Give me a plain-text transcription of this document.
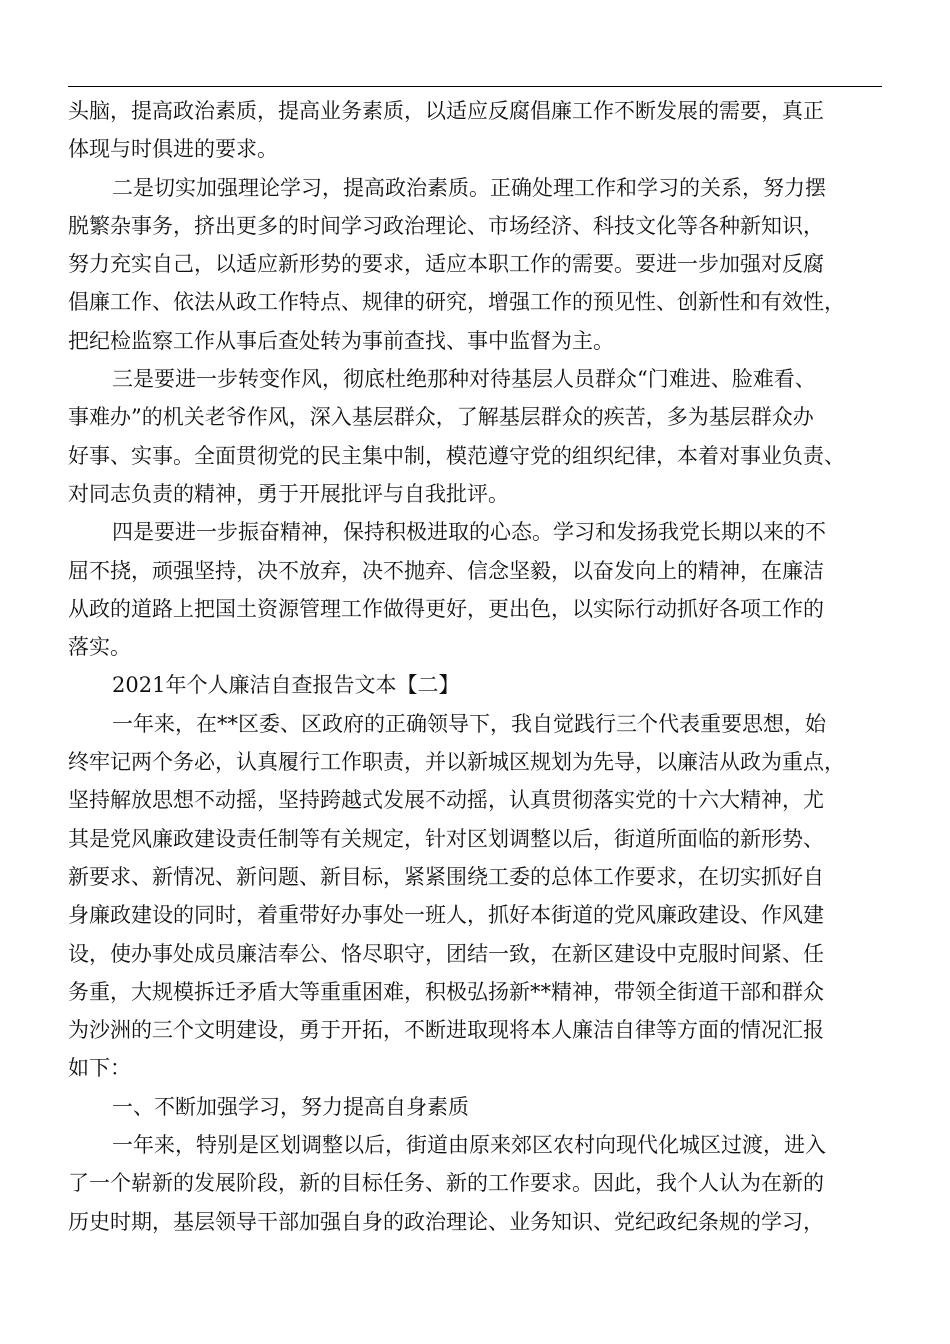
头脑，提高政治素质，提高业务素质，以适应反腐倡廉工作不断发展的需要，真正
体现与时俱进的要求。
二是切实加强理论学习，提高政治素质。正确处理工作和学习的关系，努力摆
脱繁杂事务，挤出更多的时间学习政治理论、市场经济、科技文化等各种新知识，
努力充实自己，以适应新形势的要求，适应本职工作的需要。要进一步加强对反腐
倡廉工作、依法从政工作特点、规律的研究，增强工作的预见性、创新性和有效性，
把纪检监察工作从事后查处转为事前查找、事中监督为主。
三是要进一步转变作风，彻底杜绝那种对待基层人员群众“门难进、脸难看、
事难办”的机关老爷作风，深入基层群众，了解基层群众的疾苦，多为基层群众办
好事、实事。全面贯彻党的民主集中制，模范遵守党的组织纪律，本着对事业负责、
对同志负责的精神，勇于开展批评与自我批评。
四是要进一步振奋精神，保持积极进取的心态。学习和发扬我党长期以来的不
屈不挠，顽强坚持，决不放弃，决不抛弃、信念坚毅，以奋发向上的精神，在廉洁
从政的道路上把国土资源管理工作做得更好，更出色，以实际行动抓好各项工作的
落实。
2021年个人廉洁自查报告文本【二】
一年来，在**区委、区政府的正确领导下，我自觉践行三个代表重要思想，始
终牢记两个务必，认真履行工作职责，并以新城区规划为先导，以廉洁从政为重点，
坚持解放思想不动摇，坚持跨越式发展不动摇，认真贯彻落实党的十六大精神，尤
其是党风廉政建设责任制等有关规定，针对区划调整以后，街道所面临的新形势、
新要求、新情况、新问题、新目标，紧紧围绕工委的总体工作要求，在切实抓好自
身廉政建设的同时，着重带好办事处一班人，抓好本街道的党风廉政建设、作风建
设，使办事处成员廉洁奉公、恪尽职守，团结一致，在新区建设中克服时间紧、任
务重，大规模拆迁矛盾大等重重困难，积极弘扬新**精神，带领全街道干部和群众
为沙洲的三个文明建设，勇于开拓，不断进取现将本人廉洁自律等方面的情况汇报
如下：
一、不断加强学习，努力提高自身素质
一年来，特别是区划调整以后，街道由原来郊区农村向现代化城区过渡，进入
了一个崭新的发展阶段，新的目标任务、新的工作要求。因此，我个人认为在新的
历史时期，基层领导干部加强自身的政治理论、业务知识、党纪政纪条规的学习，
